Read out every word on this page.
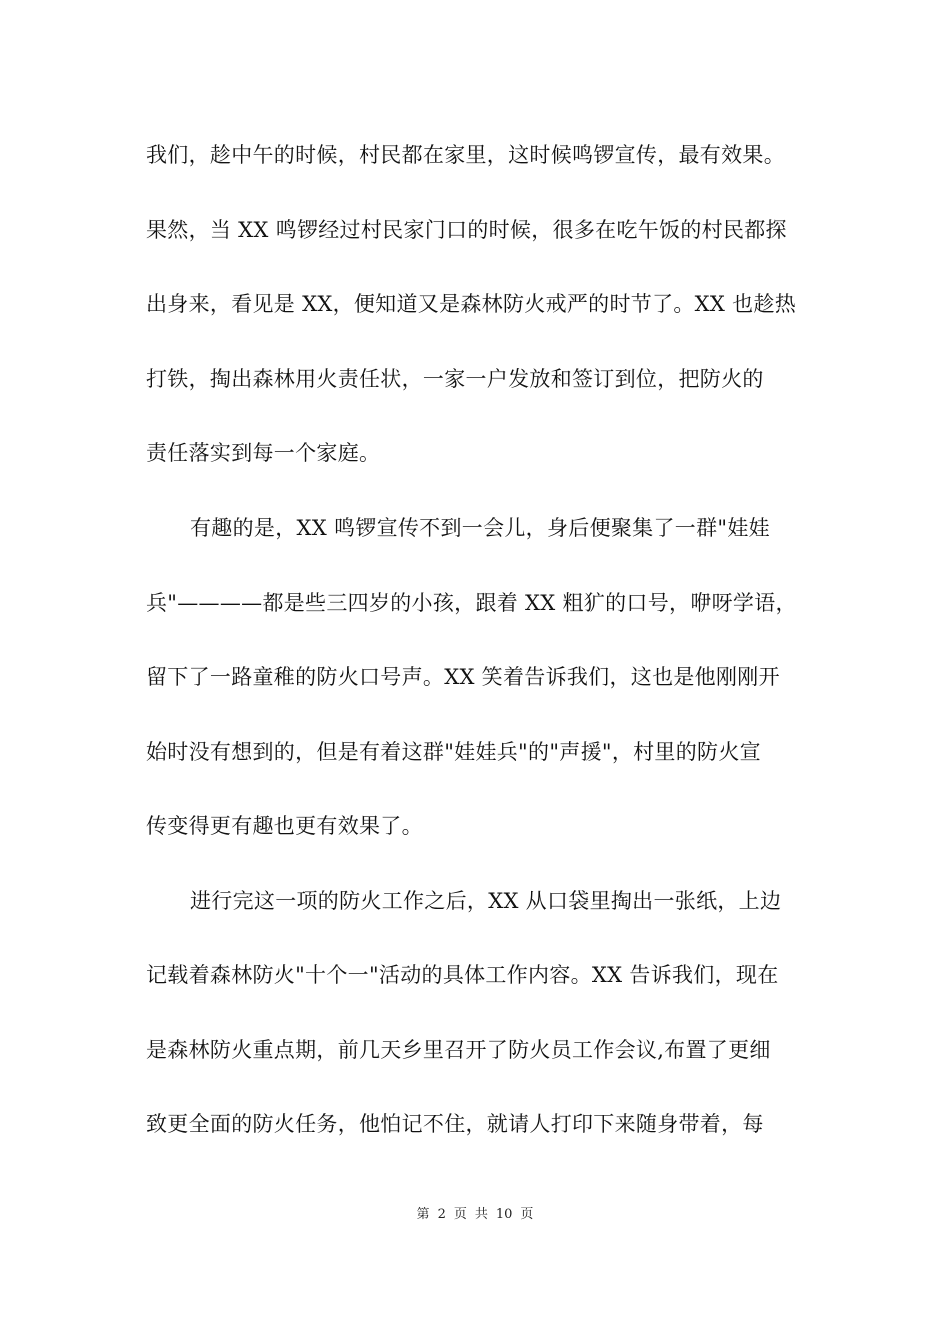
我们，趁中午的时候，村民都在家里，这时候鸣锣宣传，最有效果。
果然，当 XX 鸣锣经过村民家门口的时候，很多在吃午饭的村民都探
出身来，看见是 XX，便知道又是森林防火戒严的时节了。XX 也趁热
打铁，掏出森林用火责任状，一家一户发放和签订到位，把防火的
责任落实到每一个家庭。
有趣的是，XX 鸣锣宣传不到一会儿，身后便聚集了一群"娃娃
兵"————都是些三四岁的小孩，跟着 XX 粗犷的口号，咿呀学语，
留下了一路童稚的防火口号声。XX 笑着告诉我们，这也是他刚刚开
始时没有想到的，但是有着这群"娃娃兵"的"声援"，村里的防火宣
传变得更有趣也更有效果了。
进行完这一项的防火工作之后，XX 从口袋里掏出一张纸，上边
记载着森林防火"十个一"活动的具体工作内容。XX 告诉我们，现在
是森林防火重点期，前几天乡里召开了防火员工作会议,布置了更细
致更全面的防火任务，他怕记不住，就请人打印下来随身带着，每
第 2 页 共 10 页
